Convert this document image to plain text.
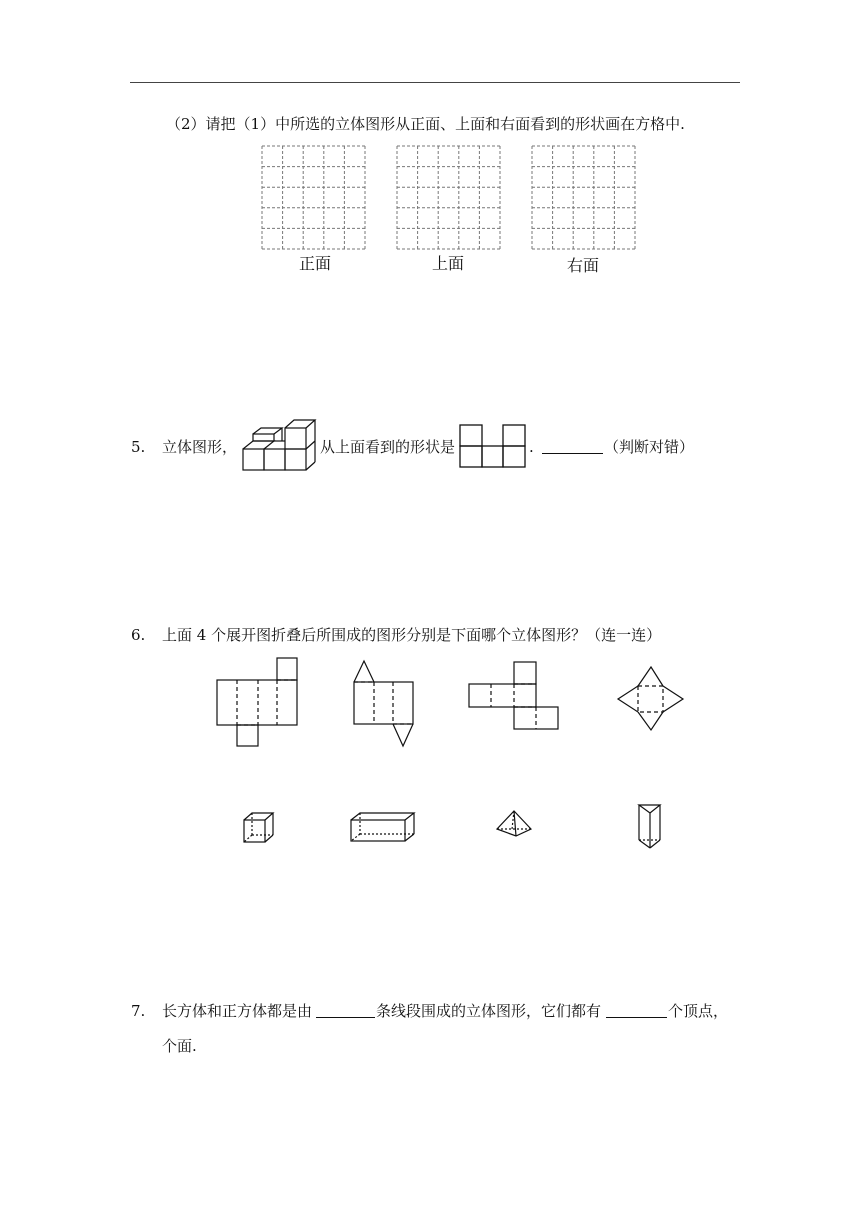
（2）请把（1）中所选的立体图形从正面、上面和右面看到的形状画在方格中.
正面	上面	右面
5. 立体图形，	从上面看到的形状是	.	（判断对错）
6. 上面 4 个展开图折叠后所围成的图形分别是下面哪个立体图形？（连一连）
7. 长方体和正方体都是由	条线段围成的立体图形，它们都有	个顶点，
个面.
